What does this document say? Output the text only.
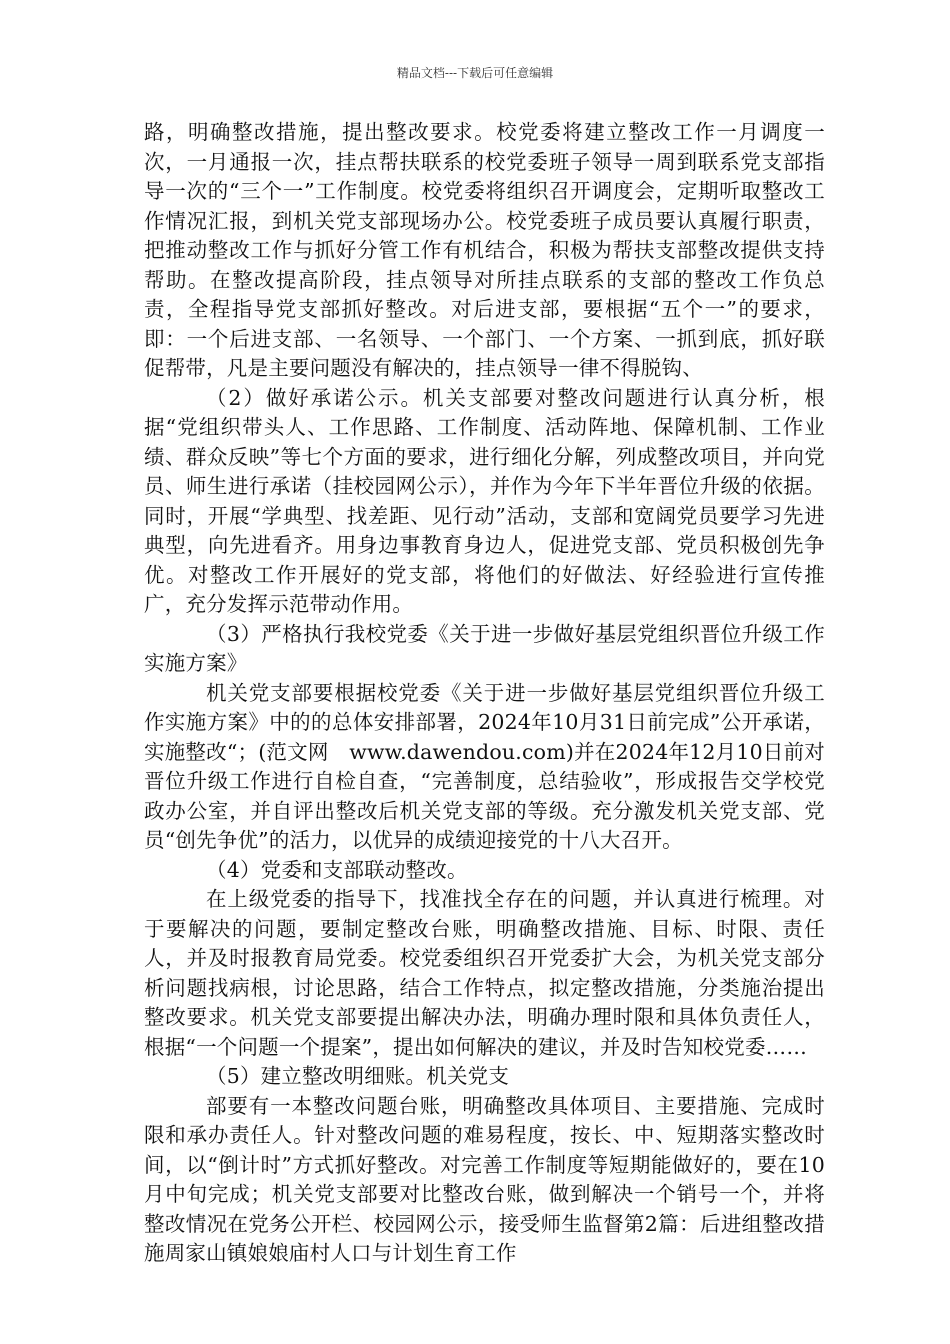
精品文档---下载后可任意编辑

路，明确整改措施，提出整改要求。校党委将建立整改工作一月调度一次，一月通报一次，挂点帮扶联系的校党委班子领导一周到联系党支部指导一次的“三个一”工作制度。校党委将组织召开调度会，定期听取整改工作情况汇报，到机关党支部现场办公。校党委班子成员要认真履行职责，把推动整改工作与抓好分管工作有机结合，积极为帮扶支部整改提供支持帮助。在整改提高阶段，挂点领导对所挂点联系的支部的整改工作负总责，全程指导党支部抓好整改。对后进支部，要根据“五个一”的要求，即：一个后进支部、一名领导、一个部门、一个方案、一抓到底，抓好联促帮带，凡是主要问题没有解决的，挂点领导一律不得脱钩、

（2）做好承诺公示。机关支部要对整改问题进行认真分析，根据“党组织带头人、工作思路、工作制度、活动阵地、保障机制、工作业绩、群众反映”等七个方面的要求，进行细化分解，列成整改项目，并向党员、师生进行承诺（挂校园网公示），并作为今年下半年晋位升级的依据。同时，开展“学典型、找差距、见行动”活动，支部和宽阔党员要学习先进典型，向先进看齐。用身边事教育身边人，促进党支部、党员积极创先争优。对整改工作开展好的党支部，将他们的好做法、好经验进行宣传推广，充分发挥示范带动作用。

（3）严格执行我校党委《关于进一步做好基层党组织晋位升级工作实施方案》

机关党支部要根据校党委《关于进一步做好基层党组织晋位升级工作实施方案》中的的总体安排部署，2024年10月31日前完成”公开承诺，实施整改“；(范文网　www.dawendou.com)并在2024年12月10日前对晋位升级工作进行自检自查，“完善制度，总结验收”，形成报告交学校党政办公室，并自评出整改后机关党支部的等级。充分激发机关党支部、党员“创先争优”的活力，以优异的成绩迎接党的十八大召开。

（4）党委和支部联动整改。

在上级党委的指导下，找准找全存在的问题，并认真进行梳理。对于要解决的问题，要制定整改台账，明确整改措施、目标、时限、责任人，并及时报教育局党委。校党委组织召开党委扩大会，为机关党支部分析问题找病根，讨论思路，结合工作特点，拟定整改措施，分类施治提出整改要求。机关党支部要提出解决办法，明确办理时限和具体负责任人，根据“一个问题一个提案”，提出如何解决的建议，并及时告知校党委……

（5）建立整改明细账。机关党支

部要有一本整改问题台账，明确整改具体项目、主要措施、完成时限和承办责任人。针对整改问题的难易程度，按长、中、短期落实整改时间，以“倒计时”方式抓好整改。对完善工作制度等短期能做好的，要在10月中旬完成；机关党支部要对比整改台账，做到解决一个销号一个，并将整改情况在党务公开栏、校园网公示，接受师生监督第2篇：后进组整改措施周家山镇娘娘庙村人口与计划生育工作
